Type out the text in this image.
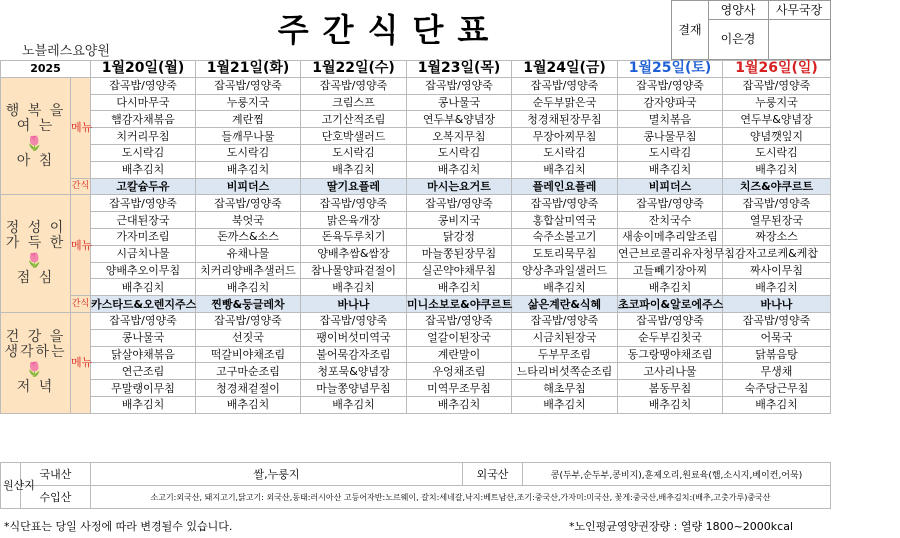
주간식단표
노블레스요양원
결재
영양사	사무국장
이은경
2025		1월20일(월)	1월21일(화)	1월22일(수)	1월23일(목)	1월24일(금)	1월25일(토)	1월26일(일)

행 복 을
여 는
🌷
아 침	메뉴	잡곡밥/영양죽	잡곡밥/영양죽	잡곡밥/영양죽	잡곡밥/영양죽	잡곡밥/영양죽	잡곡밥/영양죽	잡곡밥/영양죽
		다시마무국	누룽지국	크림스프	콩나물국	순두부맑은국	감자양파국	누룽지국
		햄감자채볶음	계란찜	고기산적조림	연두부&양념장	청경채된장무침	멸치볶음	연두부&양념장
		치커리무침	들깨무나물	단호박샐러드	오복지무침	무장아찌무침	콩나물무침	양념깻잎지
		도시락김	도시락김	도시락김	도시락김	도시락김	도시락김	도시락김
		배추김치	배추김치	배추김치	배추김치	배추김치	배추김치	배추김치
	간식	고칼슘두유	비피더스	딸기요플레	마시는요거트	플레인요플레	비피더스	치즈&야쿠르트

정 성 이
가 득 한
🌷
점 심	메뉴	잡곡밥/영양죽	잡곡밥/영양죽	잡곡밥/영양죽	잡곡밥/영양죽	잡곡밥/영양죽	잡곡밥/영양죽	잡곡밥/영양죽
		근대된장국	북엇국	맑은육개장	콩비지국	홍합살미역국	잔치국수	열무된장국
		가자미조림	돈까스&소스	돈육두루치기	닭강정	숙주소불고기	새송이메추리알조림	짜장소스
		시금치나물	유채나물	양배추쌈&쌈장	마늘쫑된장무침	도토리묵무침	연근브로콜리유자청무침	감자고로케&케찹
		양배추오이무침	치커리양배추샐러드	참나물양파겉절이	실곤약야채무침	양상추과일샐러드	고들빼기장아찌	짜사이무침
		배추김치	배추김치	배추김치	배추김치	배추김치	배추김치	배추김치
	간식	카스타드&오렌지주스	찐빵&둥글레차	바나나	미니소보로&야쿠르트	삶은계란&식혜	초코파이&알로에주스	바나나

건 강 을
생각하는
🌷
저 녁	메뉴	잡곡밥/영양죽	잡곡밥/영양죽	잡곡밥/영양죽	잡곡밥/영양죽	잡곡밥/영양죽	잡곡밥/영양죽	잡곡밥/영양죽
		콩나물국	선짓국	팽이버섯미역국	얼갈이된장국	시금치된장국	순두부김칫국	어묵국
		닭살야채볶음	떡갈비야채조림	불어묵감자조림	계란말이	두부무조림	동그랑땡야채조림	닭볶음탕
		연근조림	고구마순조림	청포묵&양념장	우엉채조림	느타리버섯쪽순조림	고사리나물	무생채
		무말랭이무침	청경채겉절이	마늘쫑양념무침	미역무조무침	해초무침	봄동무침	숙주당근무침
		배추김치	배추김치	배추김치	배추김치	배추김치	배추김치	배추김치
원산지	국내산	쌀,누룽지	외국산	콩(두부,순두부,콩비지),훈제오리,원료육(햄,소시지,베이컨,어묵)
	수입산	소고기:외국산, 돼지고기,닭고기: 외국산,동태:러시아산 고등어자반:노르웨이, 갈치:세네갈,낙지:베트남산,조기:중국산,가자미:미국산, 꽃게:중국산,배추김치:(배추,고춧가루)중국산		
*식단표는 당일 사정에 따라 변경될수 있습니다.	*노인평균영양권장량 : 열량 1800~2000kcal
